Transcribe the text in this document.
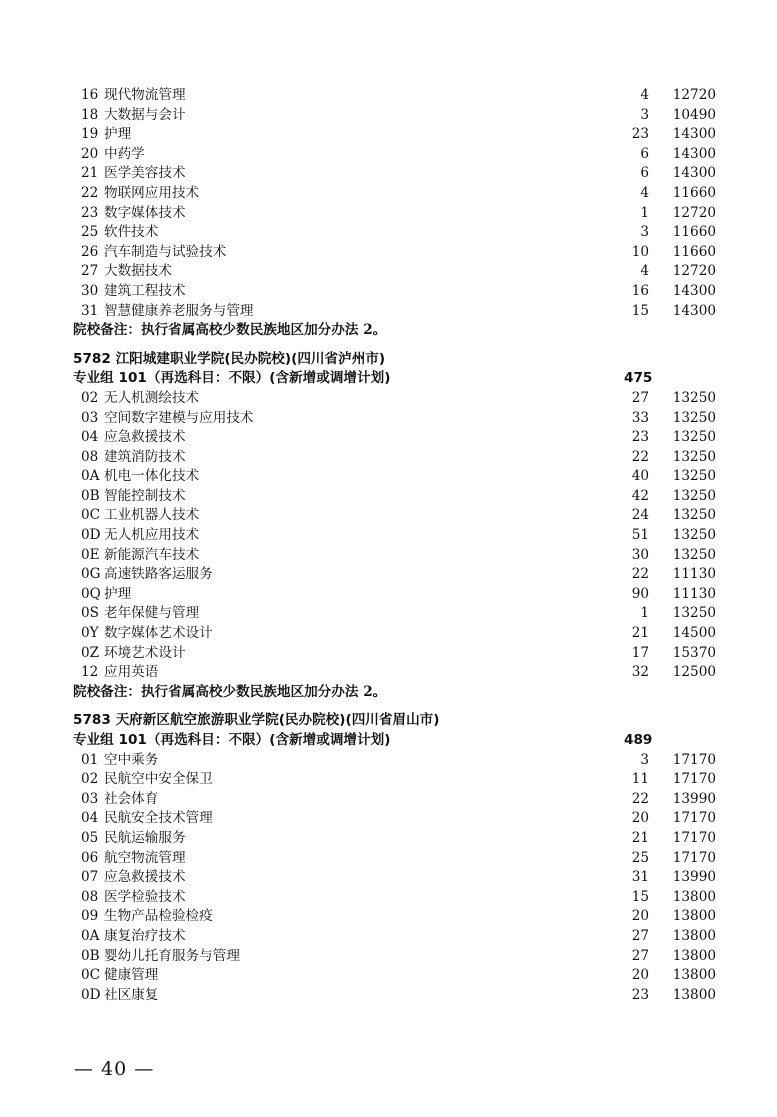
16 现代物流管理	4 12720
18 大数据与会计	3 10490
19 护理	23 14300
20 中药学	6 14300
21 医学美容技术	6 14300
22 物联网应用技术	4 11660
23 数字媒体技术	1 12720
25 软件技术	3 11660
26 汽车制造与试验技术	10 11660
27 大数据技术	4 12720
30 建筑工程技术	16 14300
31 智慧健康养老服务与管理	15 14300
院校备注：执行省属高校少数民族地区加分办法 2。
5782 江阳城建职业学院(民办院校)(四川省泸州市)
专业组 101（再选科目：不限）(含新增或调增计划)	475
02 无人机测绘技术	27 13250
03 空间数字建模与应用技术	33 13250
04 应急救援技术	23 13250
08 建筑消防技术	22 13250
0A 机电一体化技术	40 13250
0B 智能控制技术	42 13250
0C 工业机器人技术	24 13250
0D 无人机应用技术	51 13250
0E 新能源汽车技术	30 13250
0G 高速铁路客运服务	22 11130
0Q 护理	90 11130
0S 老年保健与管理	1 13250
0Y 数字媒体艺术设计	21 14500
0Z 环境艺术设计	17 15370
12 应用英语	32 12500
院校备注：执行省属高校少数民族地区加分办法 2。
5783 天府新区航空旅游职业学院(民办院校)(四川省眉山市)
专业组 101（再选科目：不限）(含新增或调增计划)	489
01 空中乘务	3 17170
02 民航空中安全保卫	11 17170
03 社会体育	22 13990
04 民航安全技术管理	20 17170
05 民航运输服务	21 17170
06 航空物流管理	25 17170
07 应急救援技术	31 13990
08 医学检验技术	15 13800
09 生物产品检验检疫	20 13800
0A 康复治疗技术	27 13800
0B 婴幼儿托育服务与管理	27 13800
0C 健康管理	20 13800
0D 社区康复	23 13800
— 40 —
